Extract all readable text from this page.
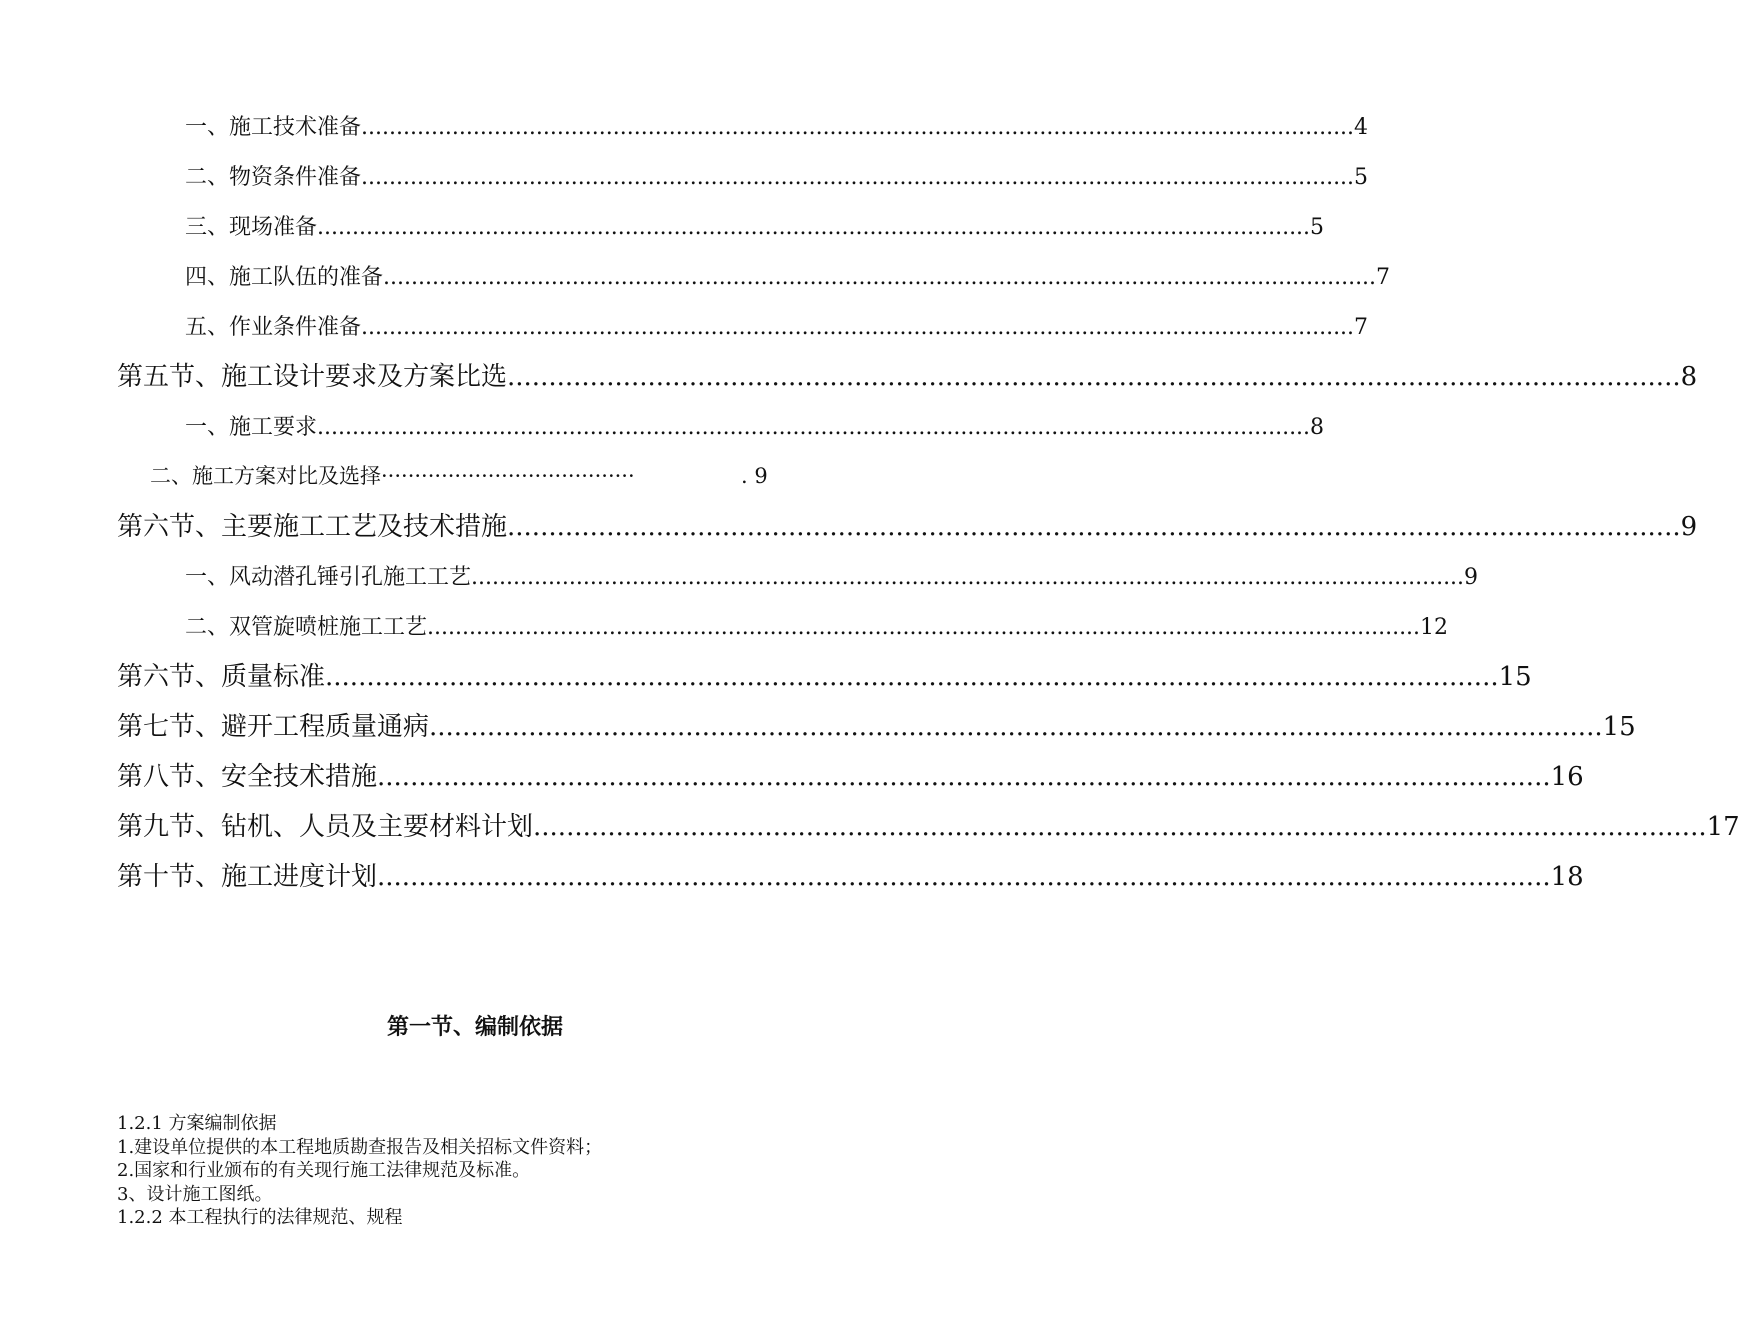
一、施工技术准备 .............................................................................................................................................. 4
二、物资条件准备 .............................................................................................................................................. 5
三、现场准备 .............................................................................................................................................. 5
四、施工队伍的准备 .............................................................................................................................................. 7
五、作业条件准备 .............................................................................................................................................. 7
第五节、施工设计要求及方案比选 .............................................................................................................................................. 8
一、施工要求 .............................................................................................................................................. 8
二、施工方案对比及选择 ······································	. 9
第六节、主要施工工艺及技术措施 .............................................................................................................................................. 9
一、风动潜孔锤引孔施工工艺 .............................................................................................................................................. 9
二、双管旋喷桩施工工艺 .............................................................................................................................................. 12
第六节、质量标准 .............................................................................................................................................. 15
第七节、避开工程质量通病 .............................................................................................................................................. 15
第八节、安全技术措施 .............................................................................................................................................. 16
第九节、钻机、人员及主要材料计划 .............................................................................................................................................. 17
第十节、施工进度计划 .............................................................................................................................................. 18
第一节、编制依据
1.2.1 方案编制依据
1.建设单位提供的本工程地质勘查报告及相关招标文件资料；
2.国家和行业颁布的有关现行施工法律规范及标准。
3、设计施工图纸。
1.2.2 本工程执行的法律规范、规程
